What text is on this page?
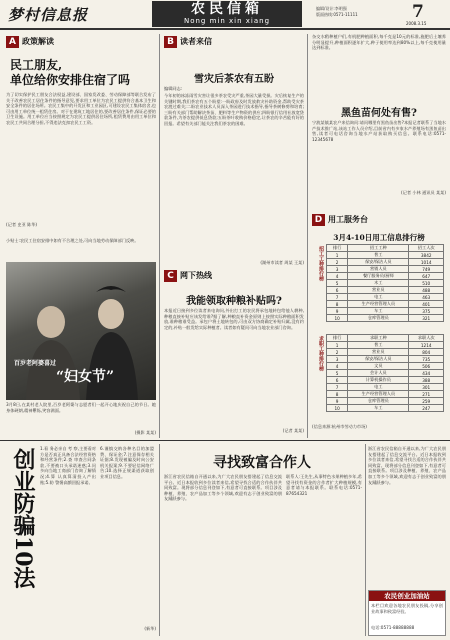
梦村信息报	农民信箱
Nong min xin xiang
编辑/设计:李明强
版面热线:0571-11111	7
2008.3.15
A 政策解读
民工朋友,
单位给你安排住宿了吗
为了切实保护民工朋友合法权益,建设部、国家发改委、劳动保障部等联合发布了关于改善农民工居住条件的指导意见,要求用工单位为农民工提供符合基本卫生和安全条件的居住场所。农民工集中的开发区和工业园区,可建设农民工集体宿舍,也可由用工单位统一租赁住房。对于在建筑工地居住的,要改善居住条件,保证必要的卫生设施。用工单位应当按照规定为农民工提供居住场所,租赁费用由用工单位和农民工共同合理分担,不得违法克扣农民工工资。
(记者 史亚 陈华)
小贴士:农民工住宿安排中如有不合理之处,可向当地劳动保障部门反映。
百岁老阿婆喜过
“妇女节”
3月8日,在某村老人院里,百岁老阿婆与志愿者们一起开心地庆祝自己的节日。她身体硬朗,精神矍铄,笑容满面。
(摄影 某某)
B 读者来信
雪灾后茶农有五盼
编辑同志:
今年初的冰冻雨雪灾害让很多茶农受灾严重,茶园大量受损。灾后恢复生产的关键时期,我们茶农有五个盼望:一盼政府及时发放救灾补助资金,帮助受灾茶农渡过难关;二盼农业技术人员深入茶园进行技术指导,指导茶树修剪和培育;三盼有关部门帮助解决茶苗、肥料等生产物资的供应;四盼银行信用社放宽贷款条件,为茶农提供低息贷款;五盼茶叶收购价格稳定,让茶农的辛苦能有好的回报。希望有关部门能关注我们茶农的困难。
(湖州市读者 周某 王某)
C 网下热线
我能领取种粮补贴吗?
本报近日接到多位读者来电询问,外出打工的农民将承包地转包给他人耕种,种粮直接补贴应该发给谁?据了解,种粮直补资金原则上按照实际种粮面积发放,谁种粮谁受益。承包户将土地转包的,可由双方协商确定补贴归属,没有约定的,补贴一般发给实际种植者。读者如有疑问可向当地农业部门咨询。
(记者 某某)
杂交水稻种植户们,有机肥种植面积,每千克是10元的标准,施肥后土壤养分明显提升,种植面积逐年扩大,种子使用率达到80%以上,每千克使用量达到标准。
黑鱼苗何处有售?
宁波某镇某农户来信询问:请问哪里有黑鱼苗出售?本报记者联系了当地水产技术推广站,该站工作人员介绍,目前省内有多家水产养殖场有黑鱼苗出售,读者可电话咨询当地水产站获取购买信息。联系电话:0571-12345678
(记者 小林 通讯员 某某)
D 用工服务台
3月4-10日用工信息排行榜
招工工种排行榜 排行	招工工种	招工人次
1	普工	3842
2	保安/保洁人员	1014
3	营销人员	749
4	餐厅服务员/厨师	647
5	木工	510
6	营业员	488
7	电工	463
8	生产经营管理人员	401
9	车工	375
10	仓库管理员	321
求职工种排行榜 排行	求职工种	求职人次
1	普工	1214
2	营业员	804
3	保安/保洁人员	735
4	文员	506
5	会计人员	434
6	计算机操作员	388
7	电工	301
8	生产经营管理人员	271
9	仓库管理员	259
10	车工	247
(信息来源:杭州市劳动力市场)
创业防骗10法 1.看 务必亲自 考 察,主要看对方是否真正具备合法经营资格和经营条件;2.查 审查合同条款,不要被口头承诺迷惑;3.问 多向当地工商部门咨询了解情况;4.算 认真算清投入产出账;5.防 警惕高额回报承诺。
6.谨慎交纳各种名目的加盟费、保证金;7.注意保存相关证据;8.发现被骗及时向公安机关报案;9.不要轻信网络广告;10.选择正规渠道获取创业项目信息。
(新华)
寻找致富合作人
浙江省农民信箱自开通以来,为广大农民朋友搭建起了信息交流平台。近日本报收到多位读者来信,希望寻找合适的合作伙伴共同致富。现将部分信息刊登如下,有意者可直接联系。项目涉及种植、养殖、农产品加工等多个领域,欢迎有志于创业致富的朋友踊跃参与。
联系人:王先生,从事特色水果种植多年,希望寻找有资金的合作者扩大种植规模,有意者请与本报联系。联系电话:0571-87654321
浙江省农民信箱自开通以来,为广大农民朋友搭建起了信息交流平台。近日本报收到多位读者来信,希望寻找合适的合作伙伴共同致富。现将部分信息刊登如下,有意者可直接联系。项目涉及种植、养殖、农产品加工等多个领域,欢迎有志于创业致富的朋友踊跃参与。
农民创业加油站
本栏目欢迎各地农民朋友投稿,分享创业故事和致富经验。
电话:0571-88888888
